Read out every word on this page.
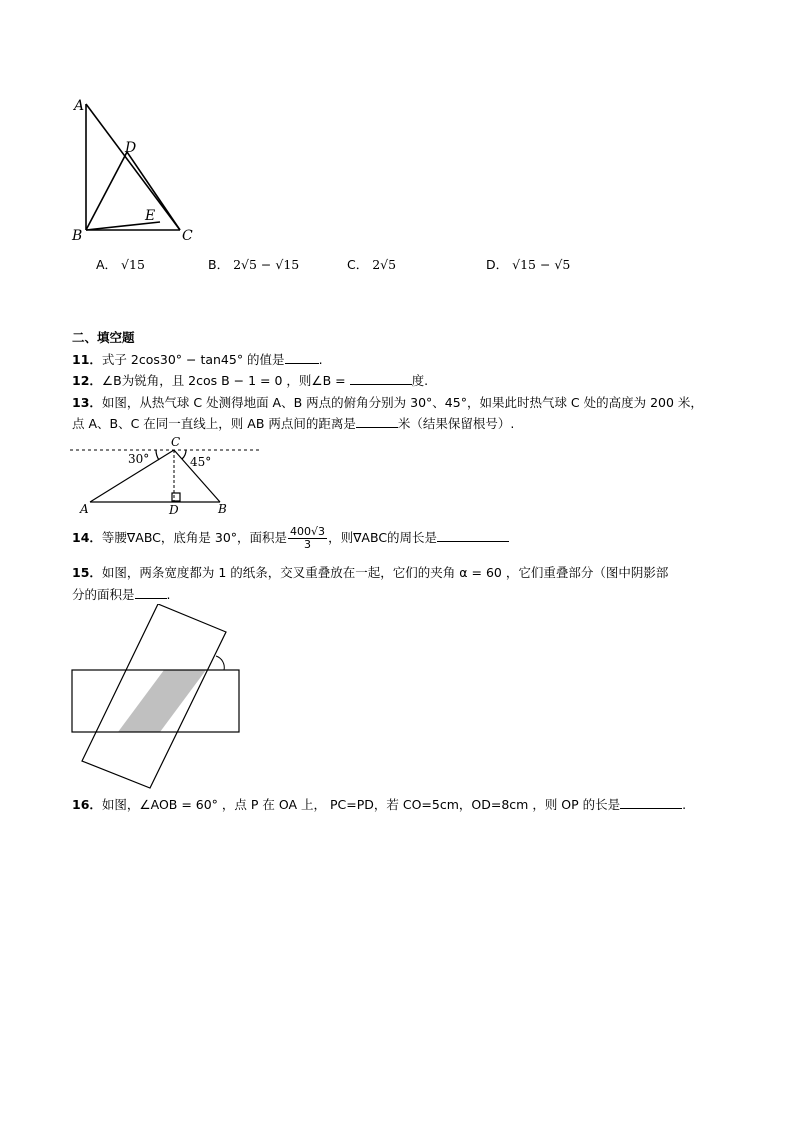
A
D
E
B	C
A． √15	B． 2√5 − √15	C． 2√5	D． √15 − √5
二、填空题
11．式子 2cos30° − tan45° 的值是	.
12．∠B为锐角，且 2cos B − 1 = 0 ，则∠B =	度.
13．如图，从热气球 C 处测得地面 A、B 两点的俯角分别为 30°、45°，如果此时热气球 C 处的高度为 200 米，
点 A、B、C 在同一直线上，则 AB 两点间的距离是	米（结果保留根号）.
C
30°	45°
A	D	B
14．等腰∇ABC，底角是 30°，面积是 $\frac{400√3}{3}$ ，则∇ABC的周长是
15．如图，两条宽度都为 1 的纸条，交叉重叠放在一起，它们的夹角 α = 60 ，它们重叠部分（图中阴影部
分的面积是	.
16．如图，∠AOB = 60° ，点 P 在 OA 上， PC=PD，若 CO=5cm，OD=8cm ，则 OP 的长是	.
